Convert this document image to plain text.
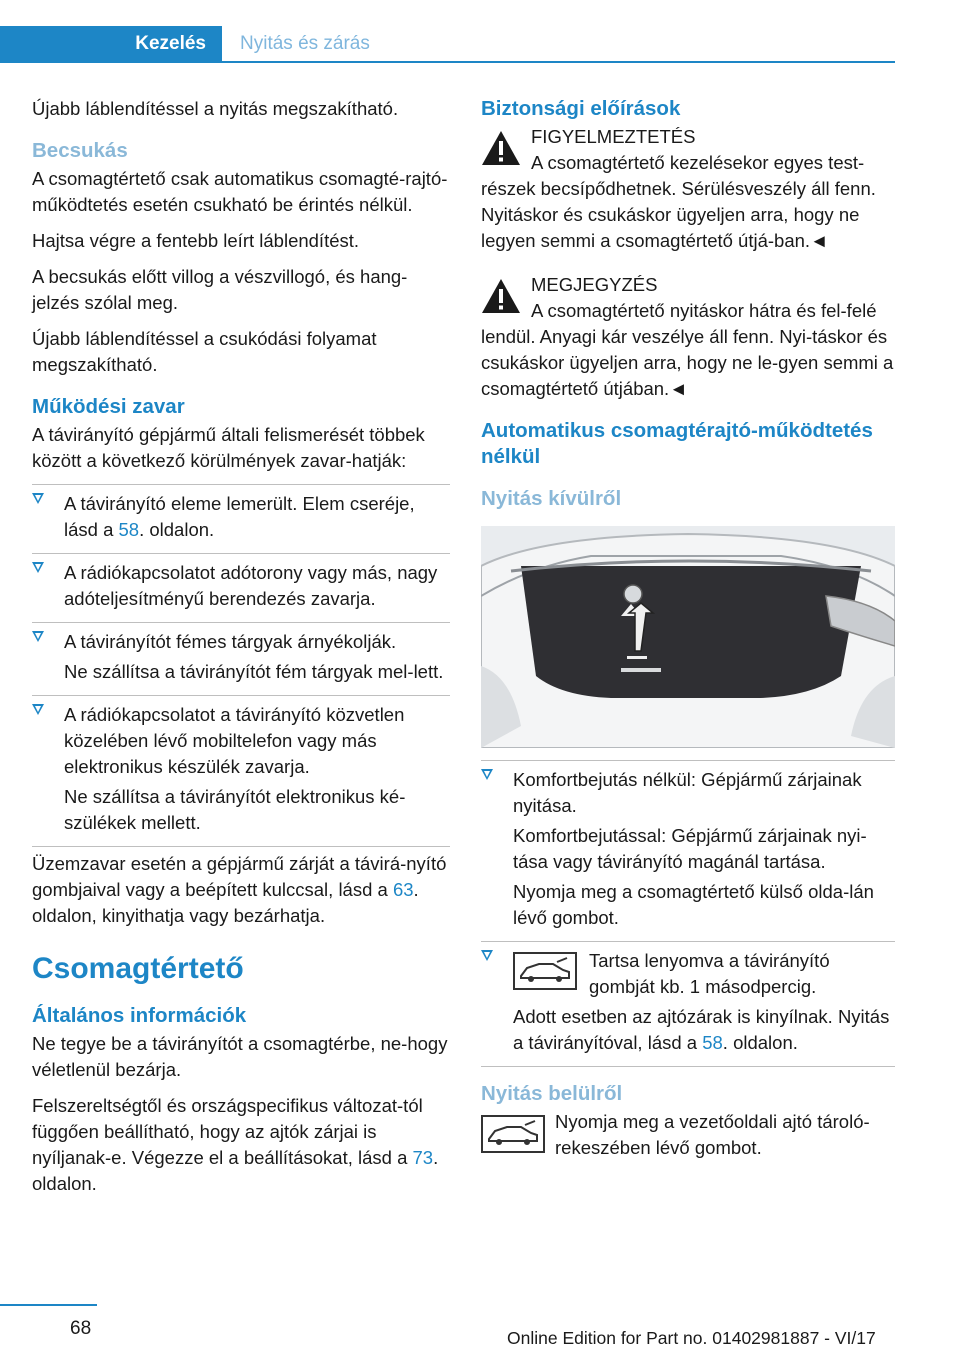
Kezelés	Nyitás és zárás

Újabb láblendítéssel a nyitás megszakítható.

Becsukás

A csomagtértető csak automatikus csomagté‐rajtó-működtetés esetén csukható be érintés nélkül.

Hajtsa végre a fentebb leírt láblendítést.

A becsukás előtt villog a vészvillogó, és hang‐jelzés szólal meg.

Újabb láblendítéssel a csukódási folyamat megszakítható.

Működési zavar

A távirányító gépjármű általi felismerését többek között a következő körülmények zavar‐hatják:

A távirányító eleme lemerült. Elem cseréje, lásd a 58. oldalon.

A rádiókapcsolatot adótorony vagy más, nagy adóteljesítményű berendezés zavarja.

A távirányítót fémes tárgyak árnyékolják.

Ne szállítsa a távirányítót fém tárgyak mel‐lett.

A rádiókapcsolatot a távirányító közvetlen közelében lévő mobiltelefon vagy más elektronikus készülék zavarja.

Ne szállítsa a távirányítót elektronikus ké‐szülékek mellett.

Üzemzavar esetén a gépjármű zárját a távirá‐nyító gombjaival vagy a beépített kulccsal, lásd a 63. oldalon, kinyithatja vagy bezárhatja.

Csomagtértető
Általános információk

Ne tegye be a távirányítót a csomagtérbe, ne‐hogy véletlenül bezárja.

Felszereltségtől és országspecifikus változat‐tól függően beállítható, hogy az ajtók zárjai is nyíljanak-e. Végezze el a beállításokat, lásd a 73. oldalon.

Biztonsági előírások
FIGYELMEZTETÉS
A csomagtértető kezelésekor egyes test‐részek becsípődhetnek. Sérülésveszély áll fenn. Nyitáskor és csukáskor ügyeljen arra, hogy ne legyen semmi a csomagtértető útjá‐ban.◄
MEGJEGYZÉS
A csomagtértető nyitáskor hátra és fel‐felé lendül. Anyagi kár veszélye áll fenn. Nyi‐táskor és csukáskor ügyeljen arra, hogy ne le‐gyen semmi a csomagtértető útjában.◄
Automatikus csomagtérajtó-működtetés nélkül
Nyitás kívülről

Komfortbejutás nélkül: Gépjármű zárjainak nyitása.

Komfortbejutással: Gépjármű zárjainak nyi‐tása vagy távirányító magánál tartása.

Nyomja meg a csomagtértető külső olda‐lán lévő gombot.

Tartsa lenyomva a távirányító gombját kb. 1 másodpercig.

Adott esetben az ajtózárak is kinyílnak. Nyitás a távirányítóval, lásd a 58. oldalon.

Nyitás belülről

Nyomja meg a vezetőoldali ajtó tároló‐rekeszében lévő gombot.

68	Online Edition for Part no. 01402981887 - VI/17
